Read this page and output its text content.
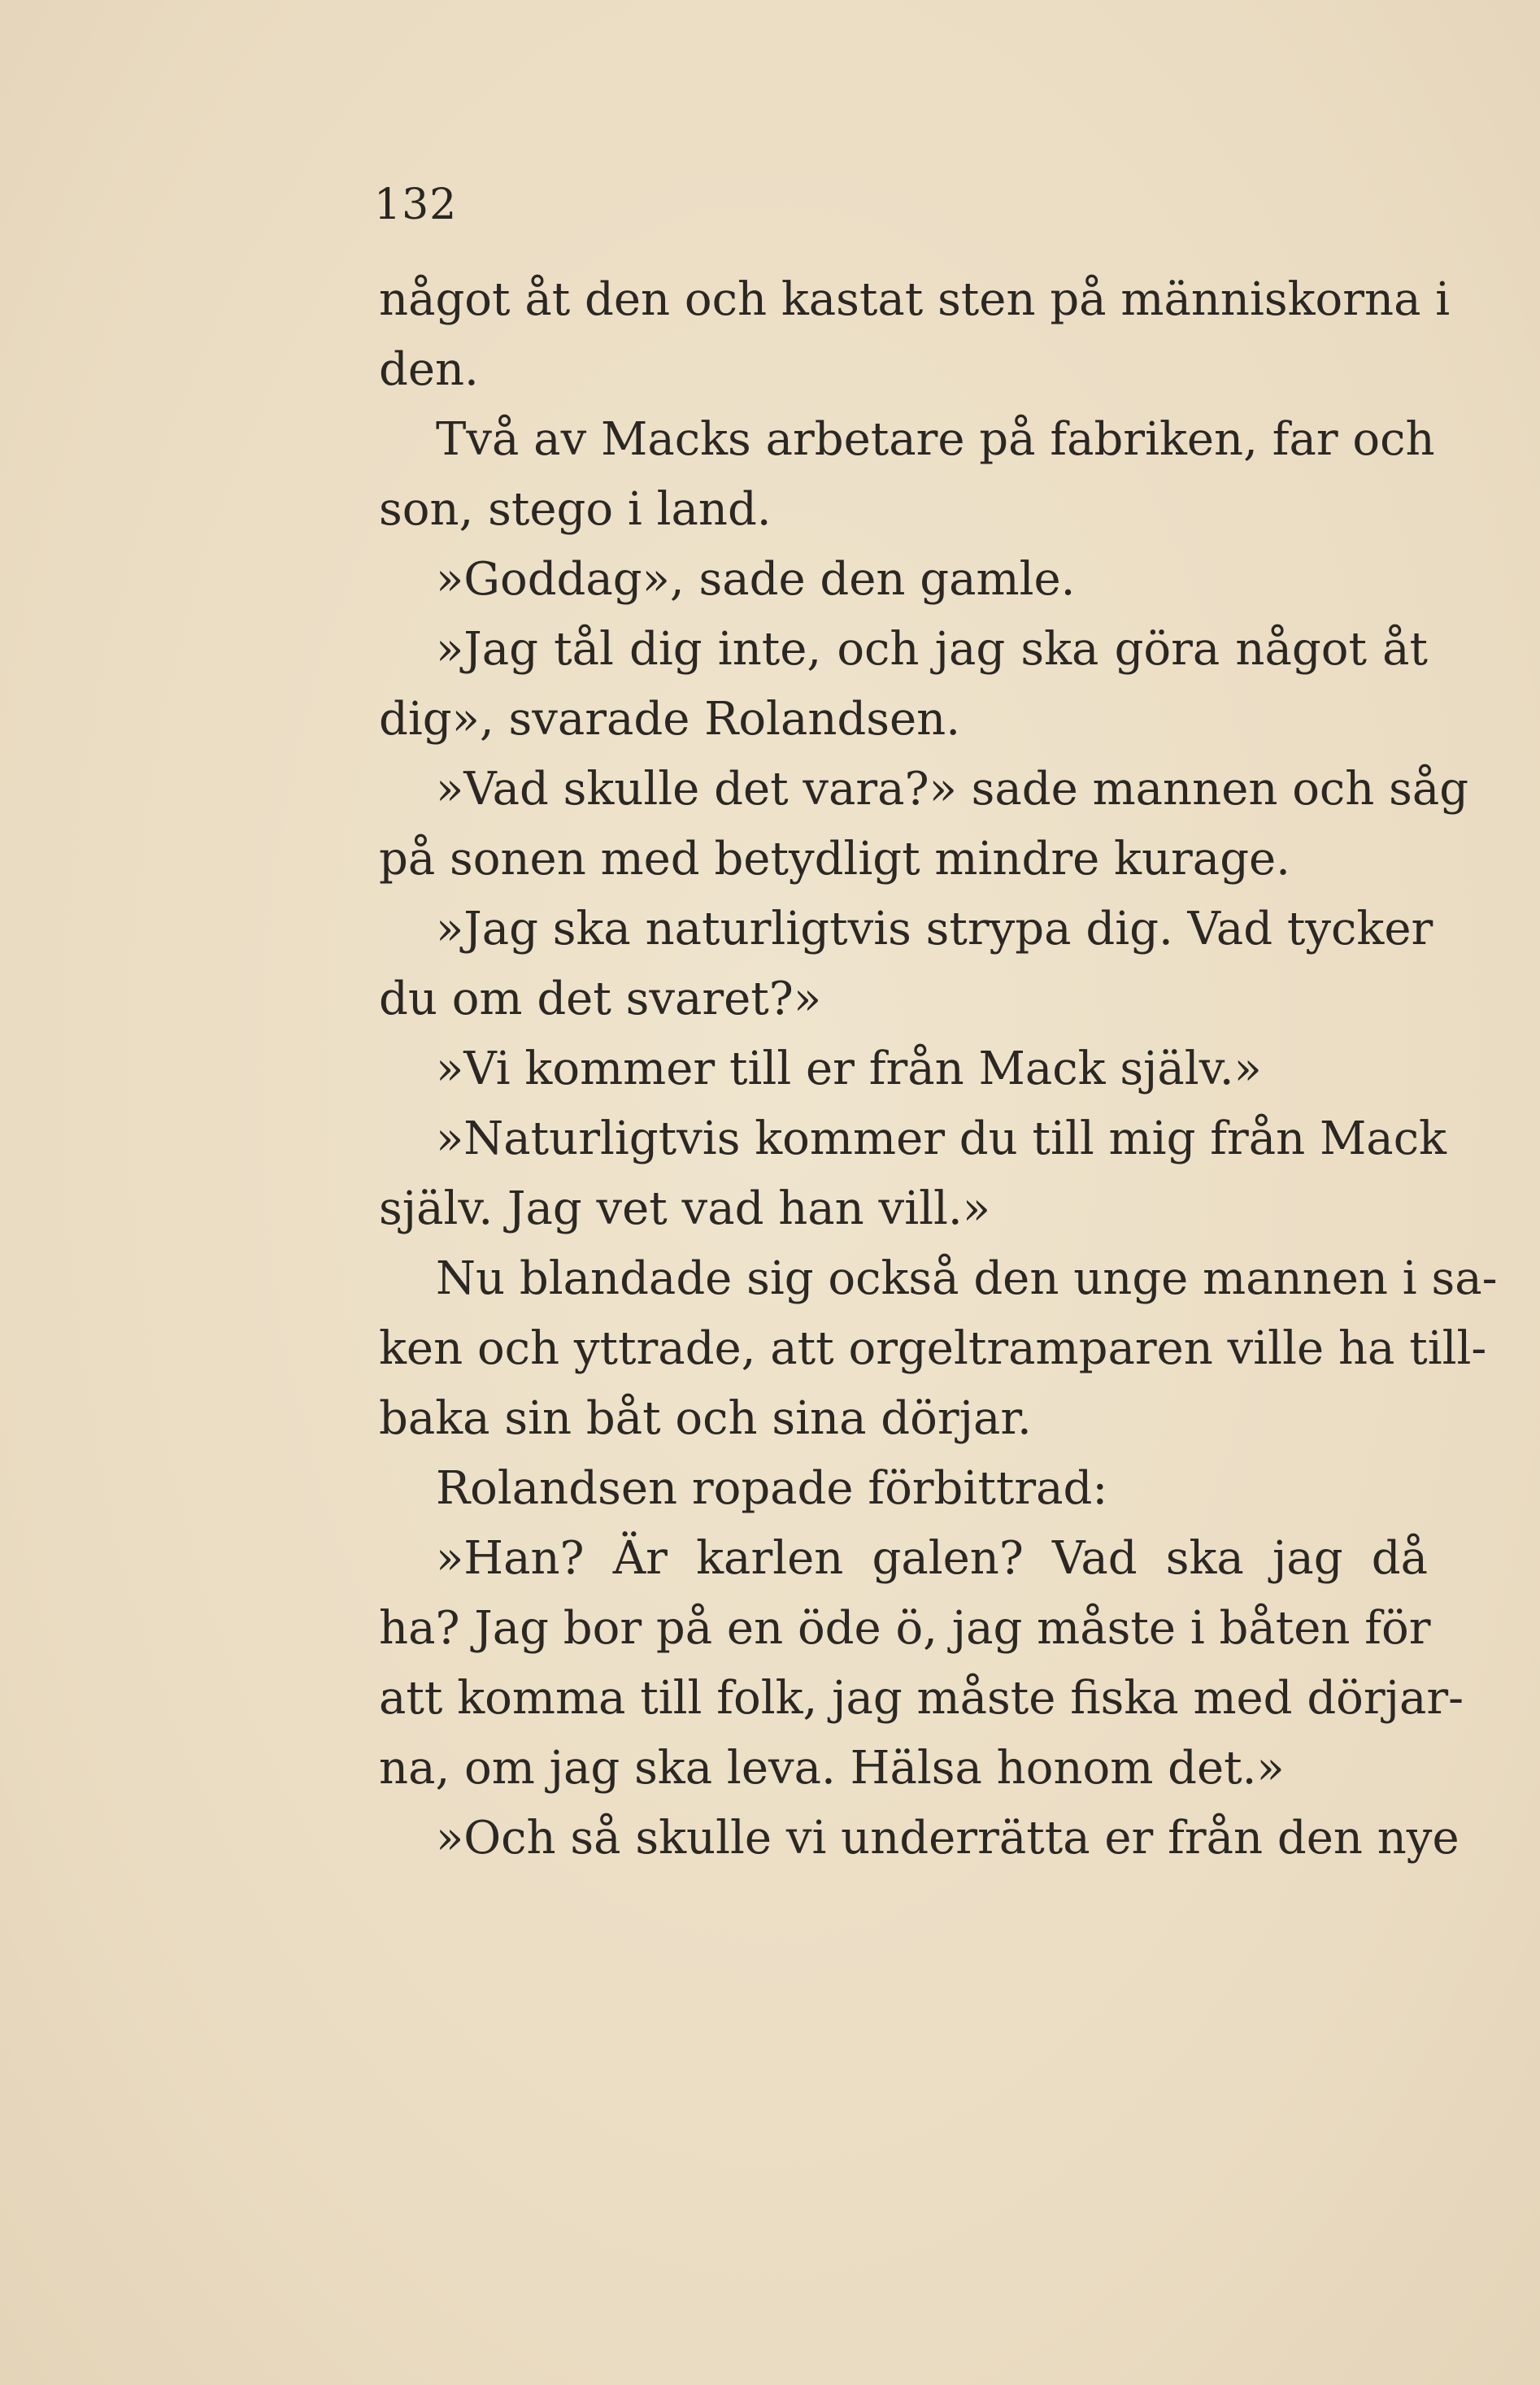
132
något åt den och kastat sten på människorna i
den.
Två av Macks arbetare på fabriken, far och
son, stego i land.
»Goddag», sade den gamle.
»Jag tål dig inte, och jag ska göra något åt
dig», svarade Rolandsen.
»Vad skulle det vara?» sade mannen och såg
på sonen med betydligt mindre kurage.
»Jag ska naturligtvis strypa dig. Vad tycker
du om det svaret?»
»Vi kommer till er från Mack själv.»
»Naturligtvis kommer du till mig från Mack
själv. Jag vet vad han vill.»
Nu blandade sig också den unge mannen i sa-
ken och yttrade, att orgeltramparen ville ha till-
baka sin båt och sina dörjar.
Rolandsen ropade förbittrad:
»Han? Är karlen galen? Vad ska jag då
ha? Jag bor på en öde ö, jag måste i båten för
att komma till folk, jag måste fiska med dörjar-
na, om jag ska leva. Hälsa honom det.»
»Och så skulle vi underrätta er från den nye
